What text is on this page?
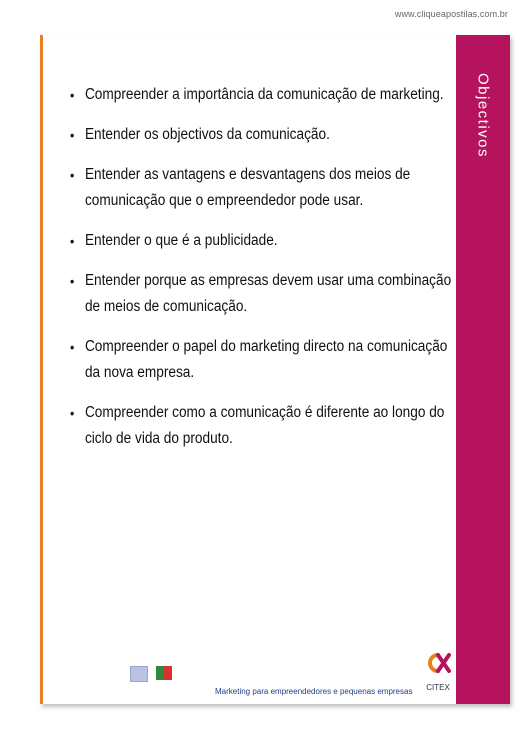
www.cliqueapostilas.com.br
Objectivos
• Compreender a importância da comunicação de marketing.
• Entender os objectivos da comunicação.
• Entender as vantagens e desvantagens dos meios de comunicação que o empreendedor pode usar.
• Entender o que é a publicidade.
• Entender porque as empresas devem usar uma combinação de meios de comunicação.
• Compreender o papel do marketing directo na comunicação da nova empresa.
• Compreender como a comunicação é diferente ao longo do ciclo de vida do produto.
Marketing para empreendedores e pequenas empresas	CITEX
